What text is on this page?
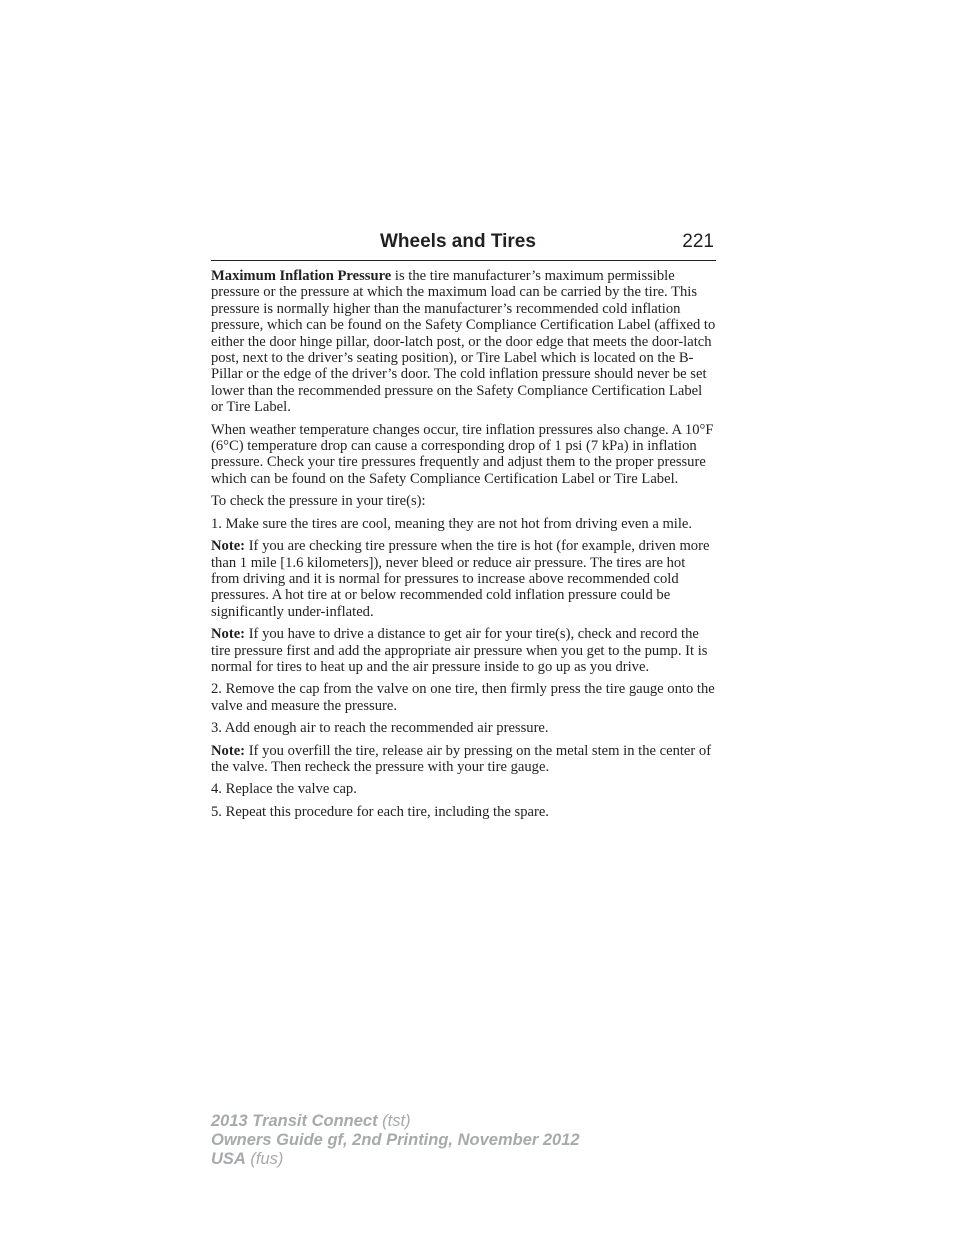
Wheels and Tires	221

Maximum Inflation Pressure is the tire manufacturer’s maximum permissible pressure or the pressure at which the maximum load can be carried by the tire. This pressure is normally higher than the manufacturer’s recommended cold inflation pressure, which can be found on the Safety Compliance Certification Label (affixed to either the door hinge pillar, door-latch post, or the door edge that meets the door-latch post, next to the driver’s seating position), or Tire Label which is located on the B-Pillar or the edge of the driver’s door. The cold inflation pressure should never be set lower than the recommended pressure on the Safety Compliance Certification Label or Tire Label.

When weather temperature changes occur, tire inflation pressures also change. A 10°F (6°C) temperature drop can cause a corresponding drop of 1 psi (7 kPa) in inflation pressure. Check your tire pressures frequently and adjust them to the proper pressure which can be found on the Safety Compliance Certification Label or Tire Label.

To check the pressure in your tire(s):

1. Make sure the tires are cool, meaning they are not hot from driving even a mile.

Note: If you are checking tire pressure when the tire is hot (for example, driven more than 1 mile [1.6 kilometers]), never bleed or reduce air pressure. The tires are hot from driving and it is normal for pressures to increase above recommended cold pressures. A hot tire at or below recommended cold inflation pressure could be significantly under-inflated.

Note: If you have to drive a distance to get air for your tire(s), check and record the tire pressure first and add the appropriate air pressure when you get to the pump. It is normal for tires to heat up and the air pressure inside to go up as you drive.

2. Remove the cap from the valve on one tire, then firmly press the tire gauge onto the valve and measure the pressure.

3. Add enough air to reach the recommended air pressure.

Note: If you overfill the tire, release air by pressing on the metal stem in the center of the valve. Then recheck the pressure with your tire gauge.

4. Replace the valve cap.

5. Repeat this procedure for each tire, including the spare.

2013 Transit Connect (tst)
Owners Guide gf, 2nd Printing, November 2012
USA (fus)
